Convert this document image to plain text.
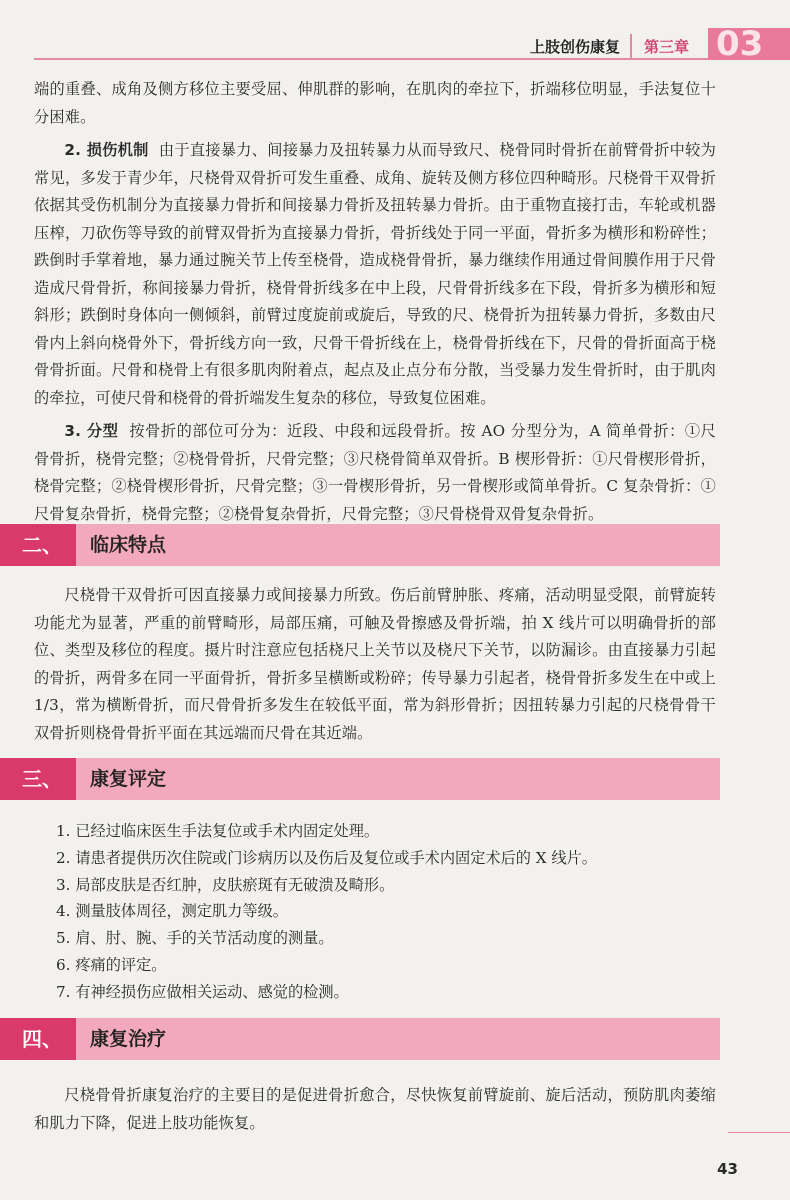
上肢创伤康复 第三章 03

端的重叠、成角及侧方移位主要受屈、伸肌群的影响，在肌肉的牵拉下，折端移位明显，手法复位十分困难。

2. 损伤机制 由于直接暴力、间接暴力及扭转暴力从而导致尺、桡骨同时骨折在前臂骨折中较为常见，多发于青少年，尺桡骨双骨折可发生重叠、成角、旋转及侧方移位四种畸形。尺桡骨干双骨折依据其受伤机制分为直接暴力骨折和间接暴力骨折及扭转暴力骨折。由于重物直接打击，车轮或机器压榨，刀砍伤等导致的前臂双骨折为直接暴力骨折，骨折线处于同一平面，骨折多为横形和粉碎性；跌倒时手掌着地，暴力通过腕关节上传至桡骨，造成桡骨骨折，暴力继续作用通过骨间膜作用于尺骨造成尺骨骨折，称间接暴力骨折，桡骨骨折线多在中上段，尺骨骨折线多在下段，骨折多为横形和短斜形；跌倒时身体向一侧倾斜，前臂过度旋前或旋后，导致的尺、桡骨折为扭转暴力骨折，多数由尺骨内上斜向桡骨外下，骨折线方向一致，尺骨干骨折线在上，桡骨骨折线在下，尺骨的骨折面高于桡骨骨折面。尺骨和桡骨上有很多肌肉附着点，起点及止点分布分散，当受暴力发生骨折时，由于肌肉的牵拉，可使尺骨和桡骨的骨折端发生复杂的移位，导致复位困难。

3. 分型 按骨折的部位可分为：近段、中段和远段骨折。按 AO 分型分为，A 简单骨折：①尺骨骨折，桡骨完整；②桡骨骨折，尺骨完整；③尺桡骨简单双骨折。B 楔形骨折：①尺骨楔形骨折，桡骨完整；②桡骨楔形骨折，尺骨完整；③一骨楔形骨折，另一骨楔形或简单骨折。C 复杂骨折：①尺骨复杂骨折，桡骨完整；②桡骨复杂骨折，尺骨完整；③尺骨桡骨双骨复杂骨折。

二、	临床特点

尺桡骨干双骨折可因直接暴力或间接暴力所致。伤后前臂肿胀、疼痛，活动明显受限，前臂旋转功能尤为显著，严重的前臂畸形，局部压痛，可触及骨擦感及骨折端，拍 X 线片可以明确骨折的部位、类型及移位的程度。摄片时注意应包括桡尺上关节以及桡尺下关节，以防漏诊。由直接暴力引起的骨折，两骨多在同一平面骨折，骨折多呈横断或粉碎；传导暴力引起者，桡骨骨折多发生在中或上1/3，常为横断骨折，而尺骨骨折多发生在较低平面，常为斜形骨折；因扭转暴力引起的尺桡骨骨干双骨折则桡骨骨折平面在其远端而尺骨在其近端。

三、	康复评定
1. 已经过临床医生手法复位或手术内固定处理。
2. 请患者提供历次住院或门诊病历以及伤后及复位或手术内固定术后的 X 线片。
3. 局部皮肤是否红肿，皮肤瘀斑有无破溃及畸形。
4. 测量肢体周径，测定肌力等级。
5. 肩、肘、腕、手的关节活动度的测量。
6. 疼痛的评定。
7. 有神经损伤应做相关运动、感觉的检测。
四、	康复治疗

尺桡骨骨折康复治疗的主要目的是促进骨折愈合，尽快恢复前臂旋前、旋后活动，预防肌肉萎缩和肌力下降，促进上肢功能恢复。

43
